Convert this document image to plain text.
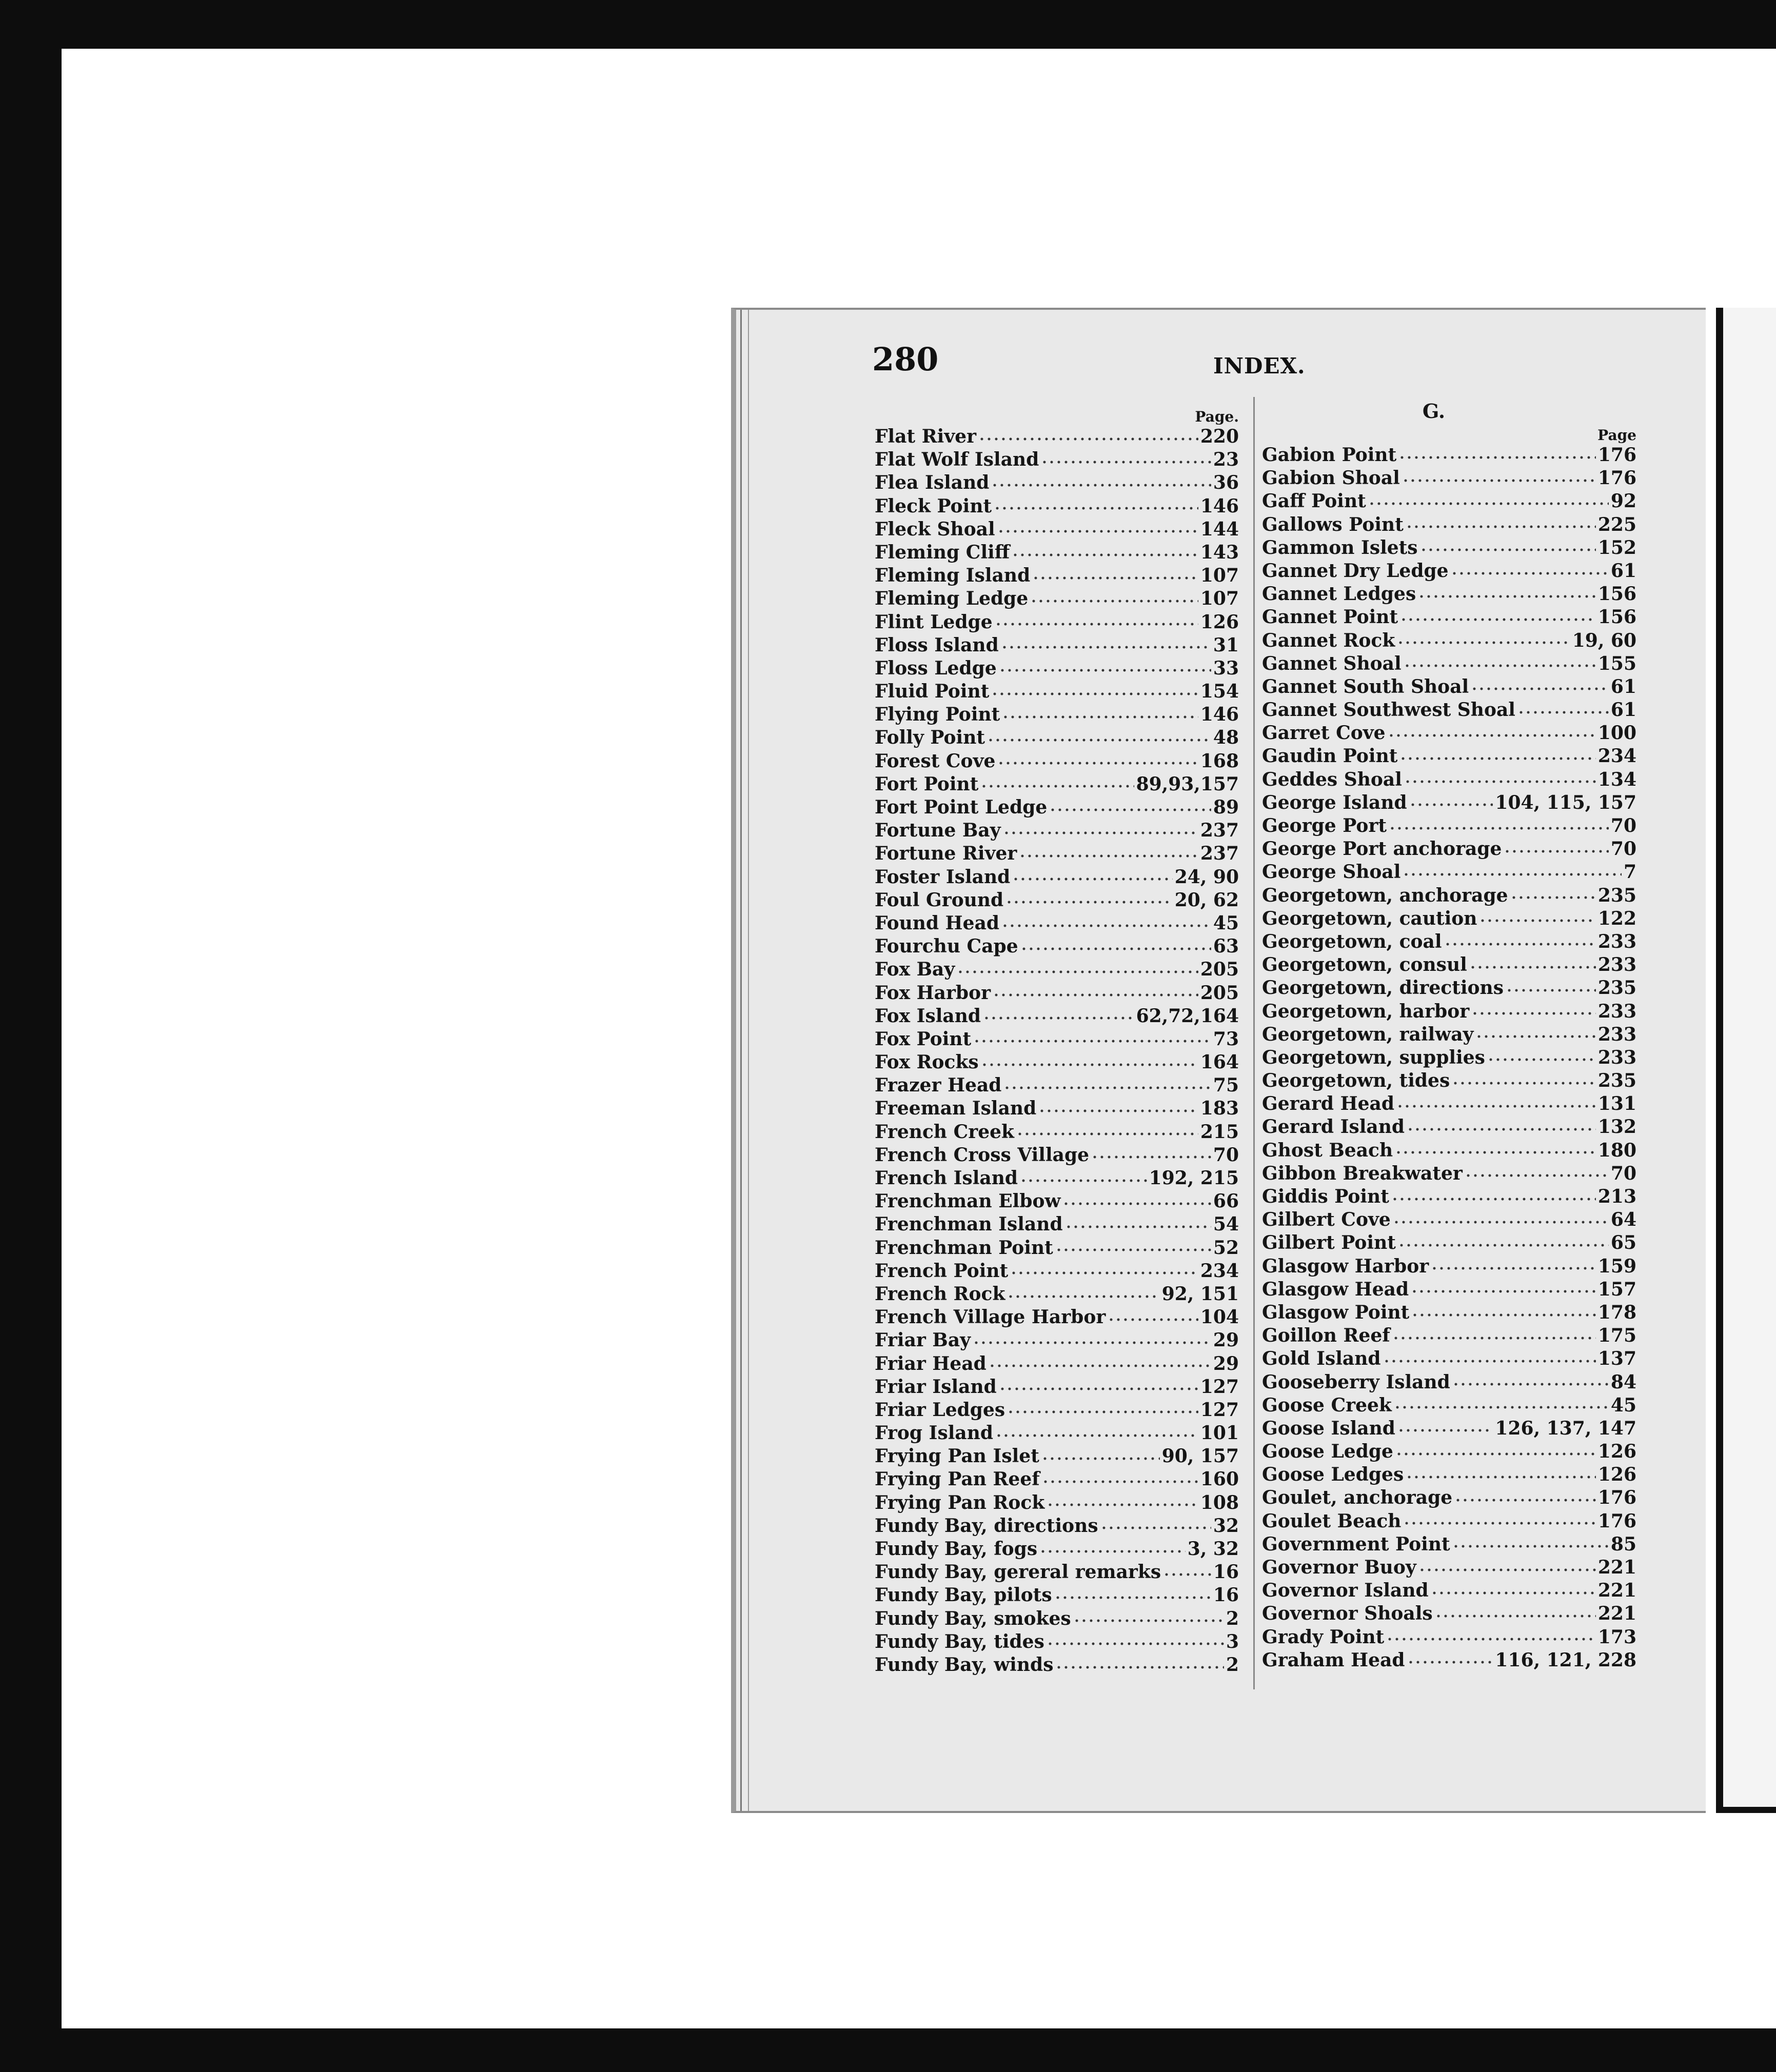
280	INDEX.
Page.
Flat River	220
Flat Wolf Island	23
Flea Island	36
Fleck Point	146
Fleck Shoal	144
Fleming Cliff	143
Fleming Island	107
Fleming Ledge	107
Flint Ledge	126
Floss Island	31
Floss Ledge	33
Fluid Point	154
Flying Point	146
Folly Point	48
Forest Cove	168
Fort Point	89,93,157
Fort Point Ledge	89
Fortune Bay	237
Fortune River	237
Foster Island	24, 90
Foul Ground	20, 62
Found Head	45
Fourchu Cape	63
Fox Bay	205
Fox Harbor	205
Fox Island	62,72,164
Fox Point	73
Fox Rocks	164
Frazer Head	75
Freeman Island	183
French Creek	215
French Cross Village	70
French Island	192, 215
Frenchman Elbow	66
Frenchman Island	54
Frenchman Point	52
French Point	234
French Rock	92, 151
French Village Harbor	104
Friar Bay	29
Friar Head	29
Friar Island	127
Friar Ledges	127
Frog Island	101
Frying Pan Islet	90, 157
Frying Pan Reef	160
Frying Pan Rock	108
Fundy Bay, directions	32
Fundy Bay, fogs	3, 32
Fundy Bay, gereral remarks	16
Fundy Bay, pilots	16
Fundy Bay, smokes	2
Fundy Bay, tides	3
Fundy Bay, winds	2
G.
Page
Gabion Point	176
Gabion Shoal	176
Gaff Point	92
Gallows Point	225
Gammon Islets	152
Gannet Dry Ledge	61
Gannet Ledges	156
Gannet Point	156
Gannet Rock	19, 60
Gannet Shoal	155
Gannet South Shoal	61
Gannet Southwest Shoal	61
Garret Cove	100
Gaudin Point	234
Geddes Shoal	134
George Island	104, 115, 157
George Port	70
George Port anchorage	70
George Shoal	7
Georgetown, anchorage	235
Georgetown, caution	122
Georgetown, coal	233
Georgetown, consul	233
Georgetown, directions	235
Georgetown, harbor	233
Georgetown, railway	233
Georgetown, supplies	233
Georgetown, tides	235
Gerard Head	131
Gerard Island	132
Ghost Beach	180
Gibbon Breakwater	70
Giddis Point	213
Gilbert Cove	64
Gilbert Point	65
Glasgow Harbor	159
Glasgow Head	157
Glasgow Point	178
Goillon Reef	175
Gold Island	137
Gooseberry Island	84
Goose Creek	45
Goose Island	126, 137, 147
Goose Ledge	126
Goose Ledges	126
Goulet, anchorage	176
Goulet Beach	176
Government Point	85
Governor Buoy	221
Governor Island	221
Governor Shoals	221
Grady Point	173
Graham Head	116, 121, 228
